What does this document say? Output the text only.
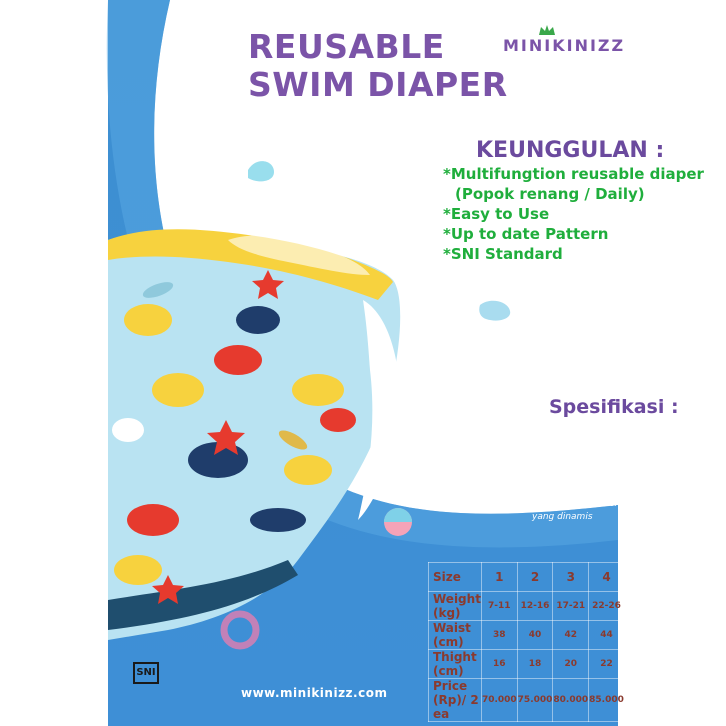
REUSABLE
SWIM DIAPER
MINIKINIZZ
KEUNGGULAN :
*Multifungtion reusable diaper
(Popok renang / Daily)
*Easy to Use
*Up to date Pattern
*SNI Standard
Spesifikasi :
Outer	: Lycra PUL
Insert	: Microfiber
Package	: 1 ea
Adjustable	: Elastic Tape
Tersedia dalam berbagai pilihan motif yang dinamis
Size	1	2	3	4
Weight (kg)	7-11	12-16	17-21	22-26
Waist (cm)	38	40	42	44
Thight (cm)	16	18	20	22
Price (Rp)/ 2 ea	70.000	75.000	80.000	85.000
www.minikinizz.com
SNI
